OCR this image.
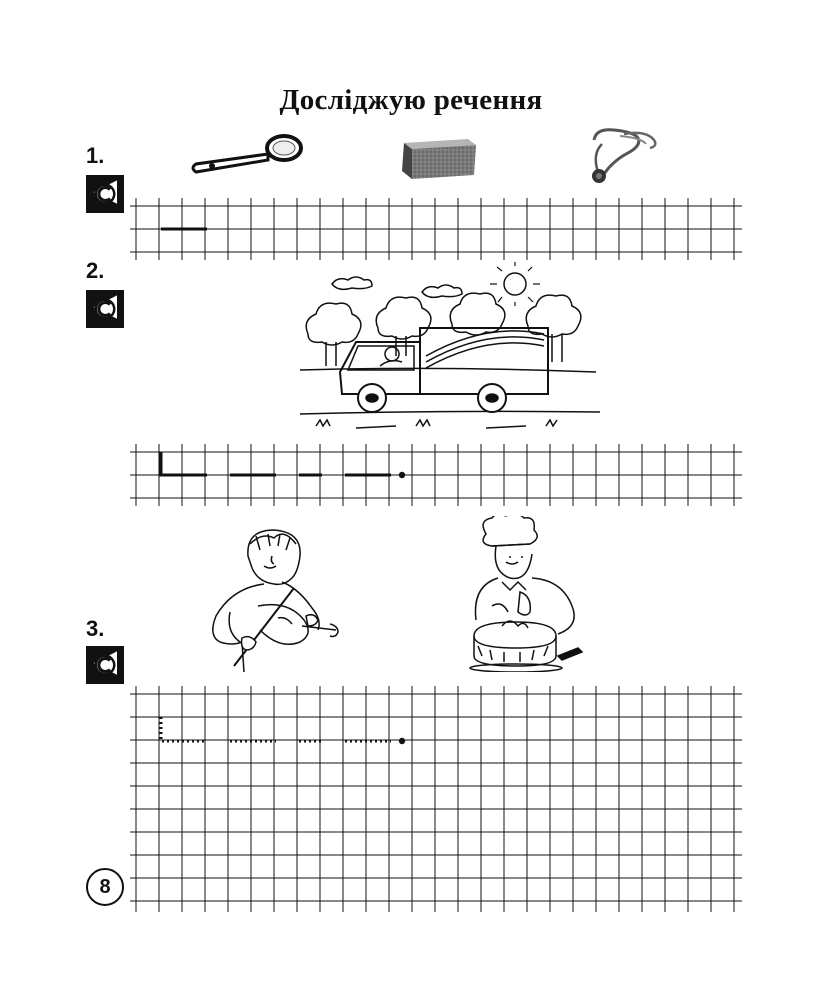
Досліджую речення
1.
2.
3.
8
